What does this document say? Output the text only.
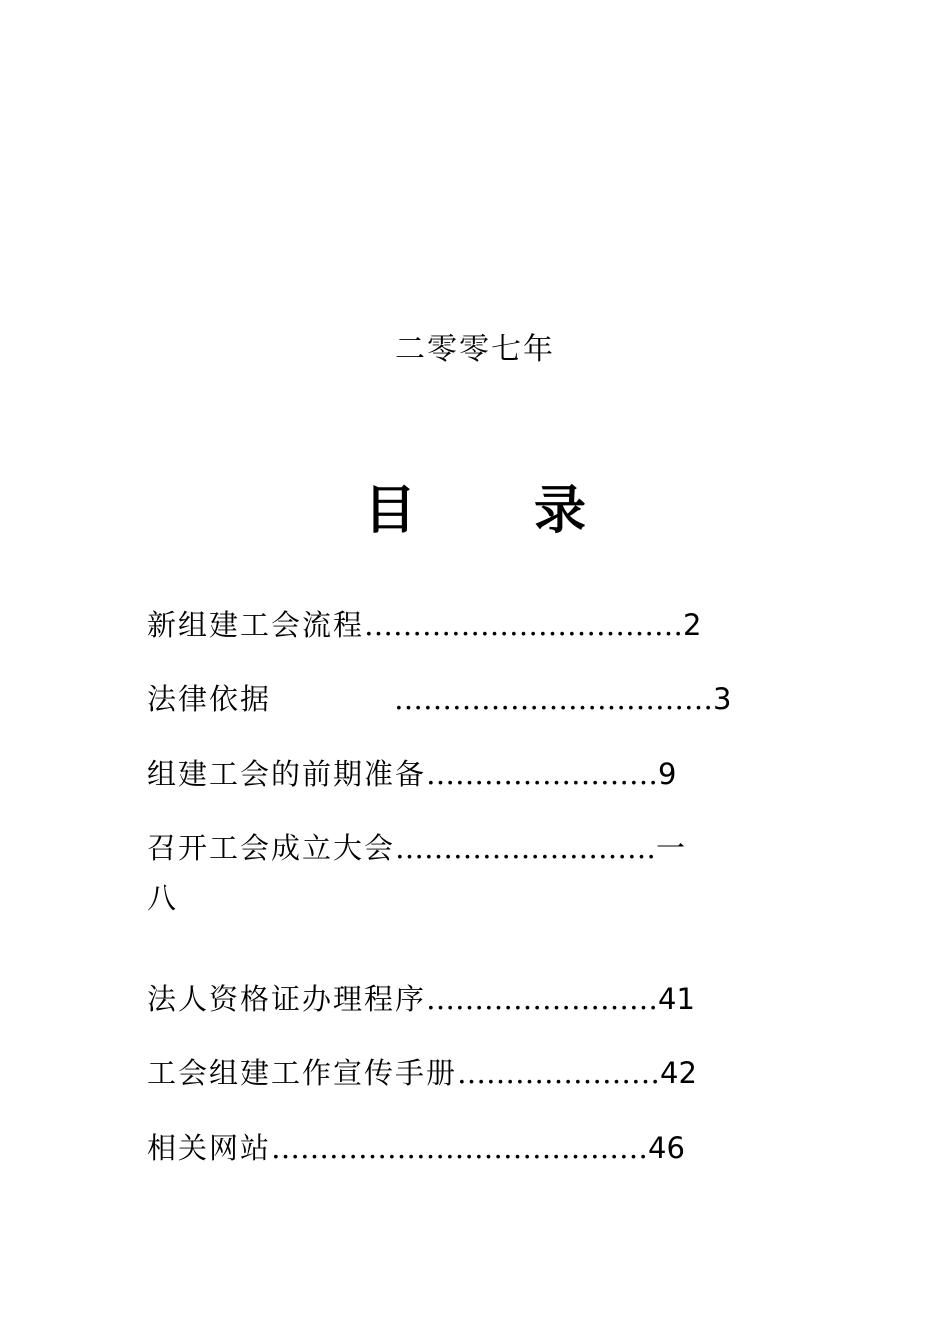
二零零七年
目 录
新组建工会流程……………………………2
法律依据	……………………………3
组建工会的前期准备……………………9
召开工会成立大会………………………一
八
法人资格证办理程序……………………41
工会组建工作宣传手册…………………42
相关网站…………………………………46
